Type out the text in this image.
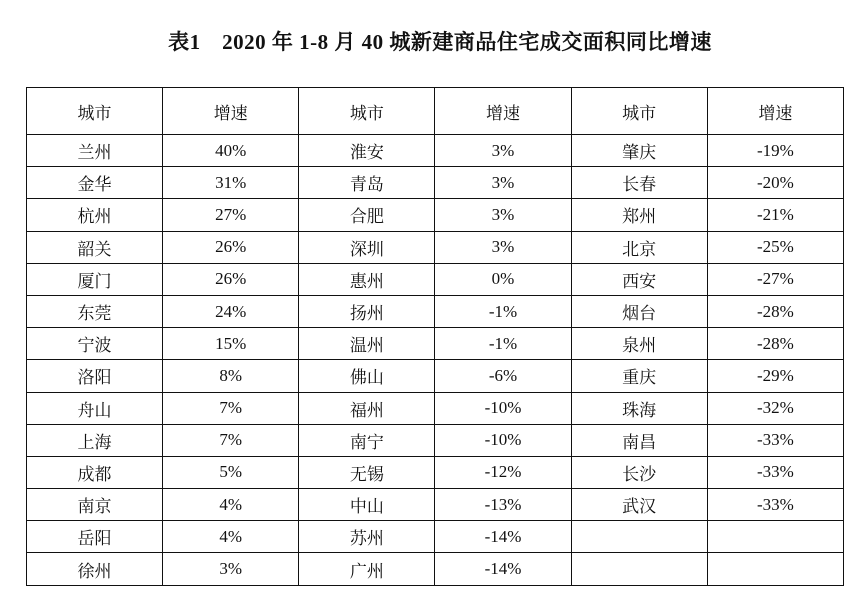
表1　2020 年 1-8 月 40 城新建商品住宅成交面积同比增速
城市	增速	城市	增速	城市	增速
兰州	40%	淮安	3%	肇庆	-19%
金华	31%	青岛	3%	长春	-20%
杭州	27%	合肥	3%	郑州	-21%
韶关	26%	深圳	3%	北京	-25%
厦门	26%	惠州	0%	西安	-27%
东莞	24%	扬州	-1%	烟台	-28%
宁波	15%	温州	-1%	泉州	-28%
洛阳	8%	佛山	-6%	重庆	-29%
舟山	7%	福州	-10%	珠海	-32%
上海	7%	南宁	-10%	南昌	-33%
成都	5%	无锡	-12%	长沙	-33%
南京	4%	中山	-13%	武汉	-33%
岳阳	4%	苏州	-14%		
徐州	3%	广州	-14%		
